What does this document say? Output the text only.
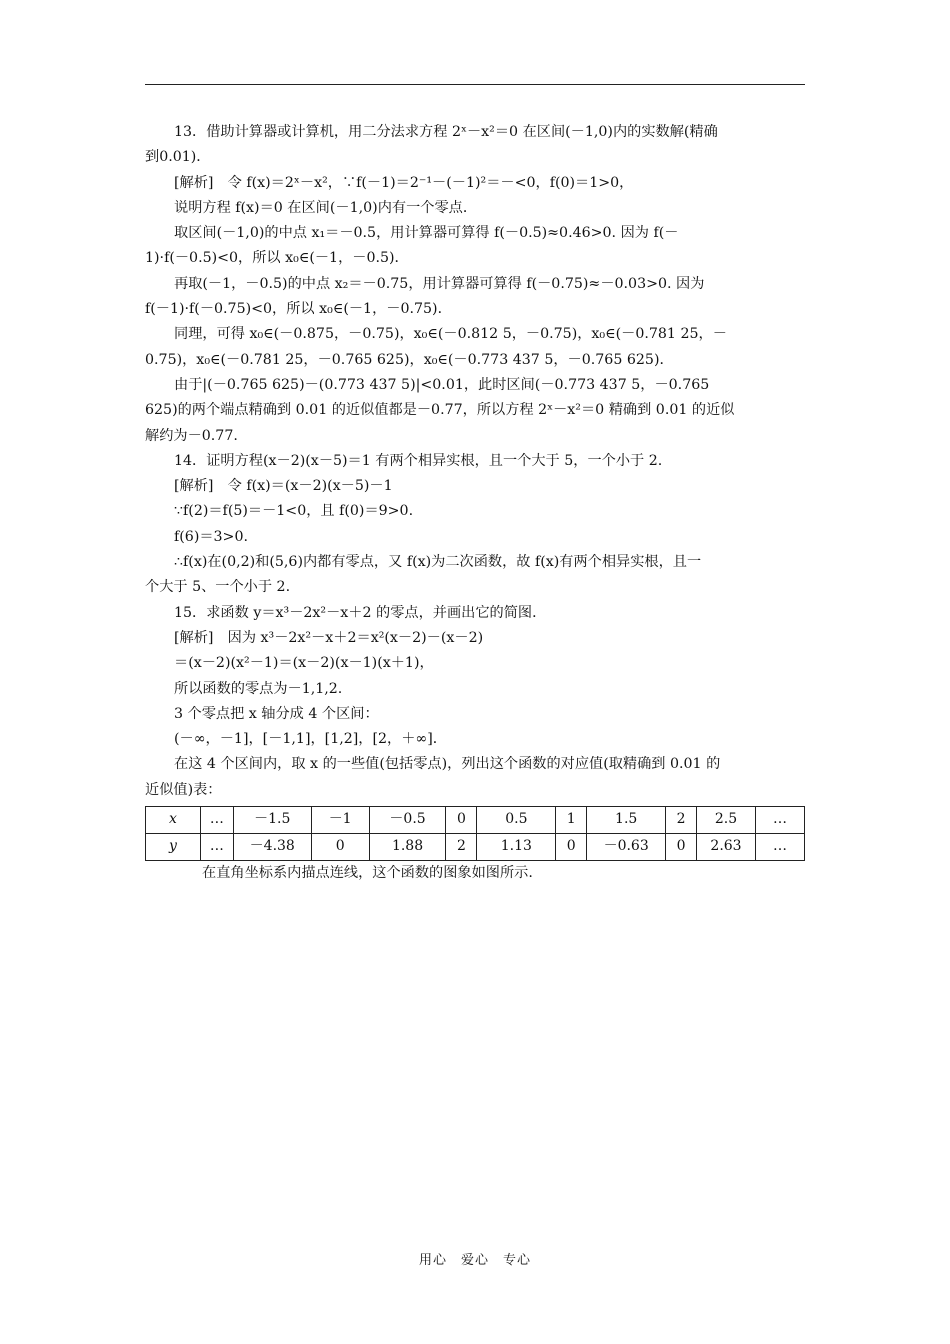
13．借助计算器或计算机，用二分法求方程 2ˣ－x²＝0 在区间(－1,0)内的实数解(精确

到0.01)．

[解析]　令 f(x)＝2ˣ－x²，∵f(－1)＝2⁻¹－(－1)²＝－<0，f(0)＝1>0，

说明方程 f(x)＝0 在区间(－1,0)内有一个零点．

取区间(－1,0)的中点 x₁＝－0.5，用计算器可算得 f(－0.5)≈0.46>0. 因为 f(－

1)·f(－0.5)<0，所以 x₀∈(－1，－0.5)．

再取(－1，－0.5)的中点 x₂＝－0.75，用计算器可算得 f(－0.75)≈－0.03>0. 因为

f(－1)·f(－0.75)<0，所以 x₀∈(－1，－0.75)．

同理，可得 x₀∈(－0.875，－0.75)，x₀∈(－0.812 5，－0.75)，x₀∈(－0.781 25，－

0.75)，x₀∈(－0.781 25，－0.765 625)，x₀∈(－0.773 437 5，－0.765 625)．

由于|(－0.765 625)－(0.773 437 5)|<0.01，此时区间(－0.773 437 5，－0.765

625)的两个端点精确到 0.01 的近似值都是－0.77，所以方程 2ˣ－x²＝0 精确到 0.01 的近似

解约为－0.77.

14．证明方程(x－2)(x－5)＝1 有两个相异实根，且一个大于 5，一个小于 2.

[解析]　令 f(x)＝(x－2)(x－5)－1

∵f(2)＝f(5)＝－1<0，且 f(0)＝9>0.

f(6)＝3>0.

∴f(x)在(0,2)和(5,6)内都有零点，又 f(x)为二次函数，故 f(x)有两个相异实根，且一

个大于 5、一个小于 2.

15．求函数 y＝x³－2x²－x＋2 的零点，并画出它的简图．

[解析]　因为 x³－2x²－x＋2＝x²(x－2)－(x－2)

＝(x－2)(x²－1)＝(x－2)(x－1)(x＋1)，

所以函数的零点为－1,1,2.

3 个零点把 x 轴分成 4 个区间：

(－∞，－1]，[－1,1]，[1,2]，[2，＋∞]．

在这 4 个区间内，取 x 的一些值(包括零点)，列出这个函数的对应值(取精确到 0.01 的

近似值)表：

x	…	－1.5	－1	－0.5	0	0.5	1	1.5	2	2.5	…
y	…	－4.38	0	1.88	2	1.13	0	－0.63	0	2.63	…

在直角坐标系内描点连线，这个函数的图象如图所示.

用心　爱心　专心
